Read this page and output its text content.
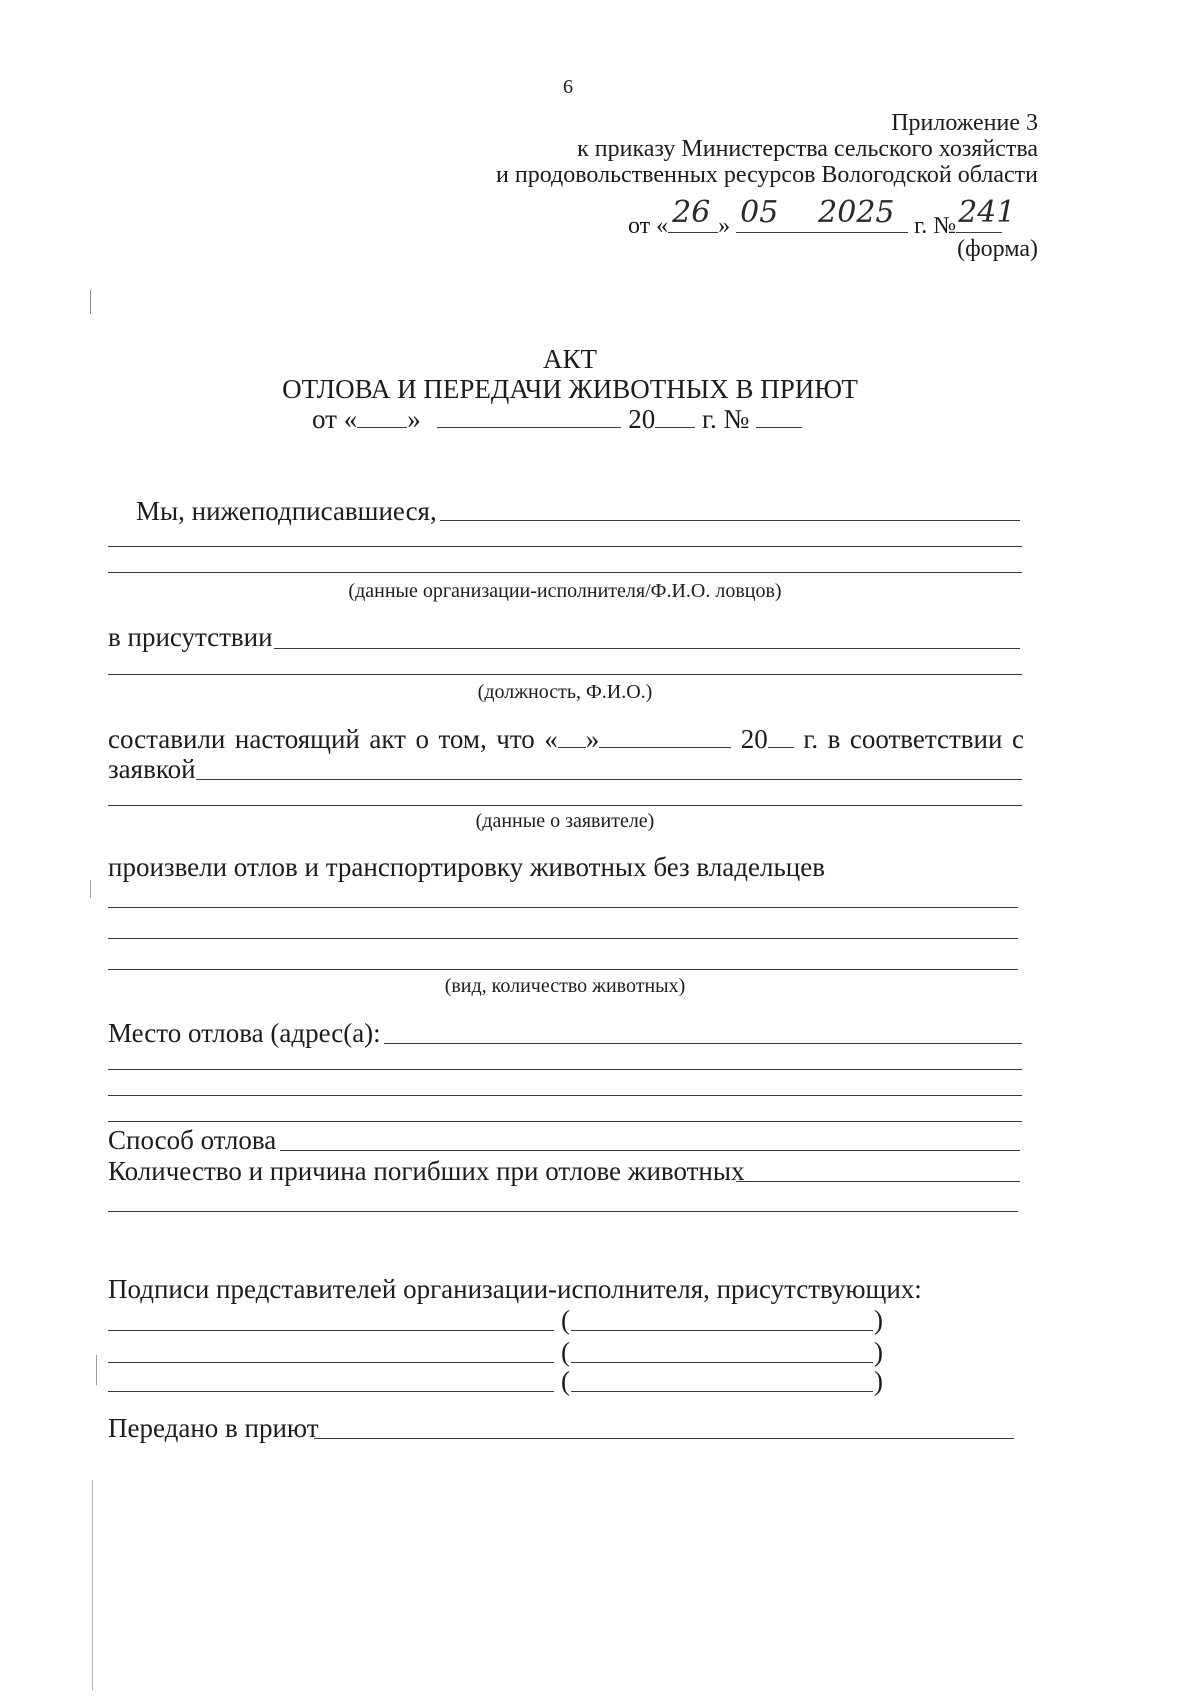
6
Приложение 3
к приказу Министерства сельского хозяйства
и продовольственных ресурсов Вологодской области
от « 26 » 05 2025 г. № 241
(форма)
АКТ
ОТЛОВА И ПЕРЕДАЧИ ЖИВОТНЫХ В ПРИЮТ
от « »	20 г. №
Мы, нижеподписавшиеся,
(данные организации-исполнителя/Ф.И.О. ловцов)
в присутствии
(должность, Ф.И.О.)
составили настоящий акт о том, что « »	20	г. в соответствии с
заявкой
(данные о заявителе)
произвели отлов и транспортировку животных без владельцев
(вид, количество животных)
Место отлова (адрес(а):
Способ отлова
Количество и причина погибших при отлове животных
Подписи представителей организации-исполнителя, присутствующих:
(	)
(	)
(	)
Передано в приют
